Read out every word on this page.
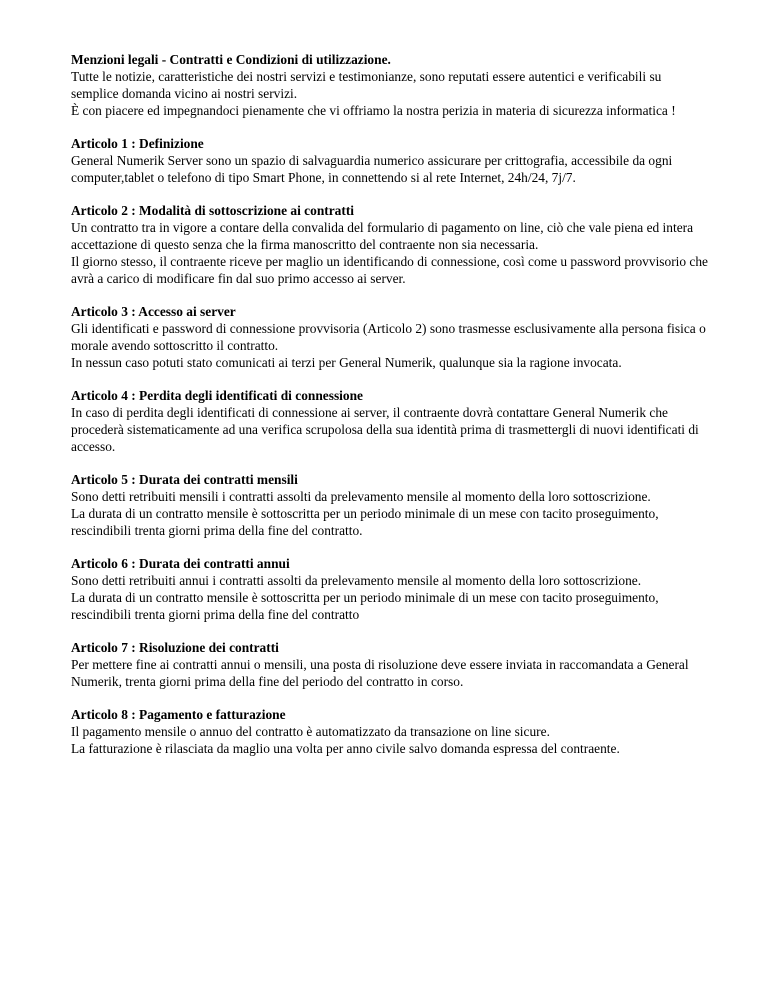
Menzioni legali - Contratti e Condizioni di utilizzazione.
Tutte le notizie, caratteristiche dei nostri servizi e testimonianze, sono reputati essere autentici e verificabili su semplice domanda vicino ai nostri servizi.
È con piacere ed impegnandoci pienamente che vi offriamo la nostra perizia in materia di sicurezza informatica !
Articolo 1 : Definizione
General Numerik Server sono un spazio di salvaguardia numerico assicurare per crittografia, accessibile da ogni computer,tablet o telefono di tipo Smart Phone, in connettendo si al rete Internet, 24h/24, 7j/7.
Articolo 2 : Modalità di sottoscrizione ai contratti
Un contratto tra in vigore a contare della convalida del formulario di pagamento on line, ciò che vale piena ed intera accettazione di questo senza che la firma manoscritto del contraente non sia necessaria.
Il giorno stesso, il contraente riceve per maglio un identificando di connessione, così come u password provvisorio che avrà a carico di modificare fin dal suo primo accesso ai server.
Articolo 3 : Accesso ai server
Gli identificati e password di connessione provvisoria (Articolo 2) sono trasmesse esclusivamente alla persona fisica o morale avendo sottoscritto il contratto.
In nessun caso potuti stato comunicati ai terzi per General Numerik, qualunque sia la ragione invocata.
Articolo 4 : Perdita degli identificati di connessione
In caso di perdita degli identificati di connessione ai server, il contraente dovrà contattare General Numerik che procederà sistematicamente ad una verifica scrupolosa della sua identità prima di trasmettergli di nuovi identificati di accesso.
Articolo 5 : Durata dei contratti mensili
Sono detti retribuiti mensili i contratti assolti da prelevamento mensile al momento della loro sottoscrizione.
La durata di un contratto mensile è sottoscritta per un periodo minimale di un mese con tacito proseguimento, rescindibili trenta giorni prima della fine del contratto.
Articolo 6 : Durata dei contratti annui
Sono detti retribuiti annui i contratti assolti da prelevamento mensile al momento della loro sottoscrizione.
La durata di un contratto mensile è sottoscritta per un periodo minimale di un mese con tacito proseguimento, rescindibili trenta giorni prima della fine del contratto
Articolo 7 : Risoluzione dei contratti
Per mettere fine ai contratti annui o mensili, una posta di risoluzione deve essere inviata in raccomandata a General Numerik, trenta giorni prima della fine del periodo del contratto in corso.
Articolo 8 : Pagamento e fatturazione
Il pagamento mensile o annuo del contratto è automatizzato da transazione on line sicure.
La fatturazione è rilasciata da maglio una volta per anno civile salvo domanda espressa del contraente.
